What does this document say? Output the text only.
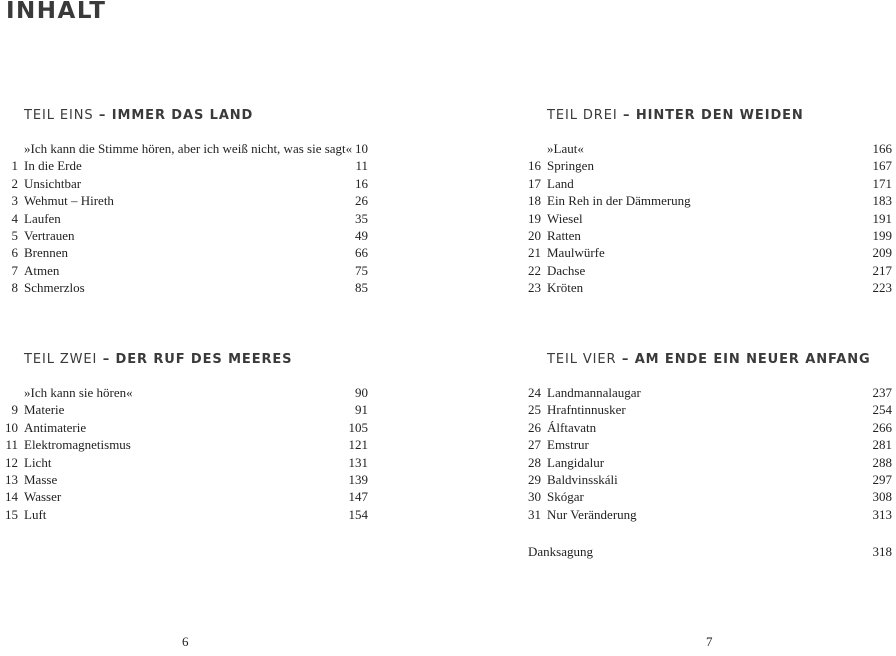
INHALT
TEIL EINS – IMMER DAS LAND
»Ich kann die Stimme hören, aber ich weiß nicht, was sie sagt« 10
1 In die Erde	11
2 Unsichtbar	16
3 Wehmut – Hireth	26
4 Laufen	35
5 Vertrauen	49
6 Brennen	66
7 Atmen	75
8 Schmerzlos	85
TEIL DREI – HINTER DEN WEIDEN
»Laut«	166
16 Springen	167
17 Land	171
18 Ein Reh in der Dämmerung	183
19 Wiesel	191
20 Ratten	199
21 Maulwürfe	209
22 Dachse	217
23 Kröten	223
TEIL ZWEI – DER RUF DES MEERES
»Ich kann sie hören«	90
9 Materie	91
10 Antimaterie	105
11 Elektromagnetismus	121
12 Licht	131
13 Masse	139
14 Wasser	147
15 Luft	154
TEIL VIER – AM ENDE EIN NEUER ANFANG
24 Landmannalaugar	237
25 Hrafntinnusker	254
26 Álftavatn	266
27 Emstrur	281
28 Langidalur	288
29 Baldvinsskáli	297
30 Skógar	308
31 Nur Veränderung	313
Danksagung	318
6	7
